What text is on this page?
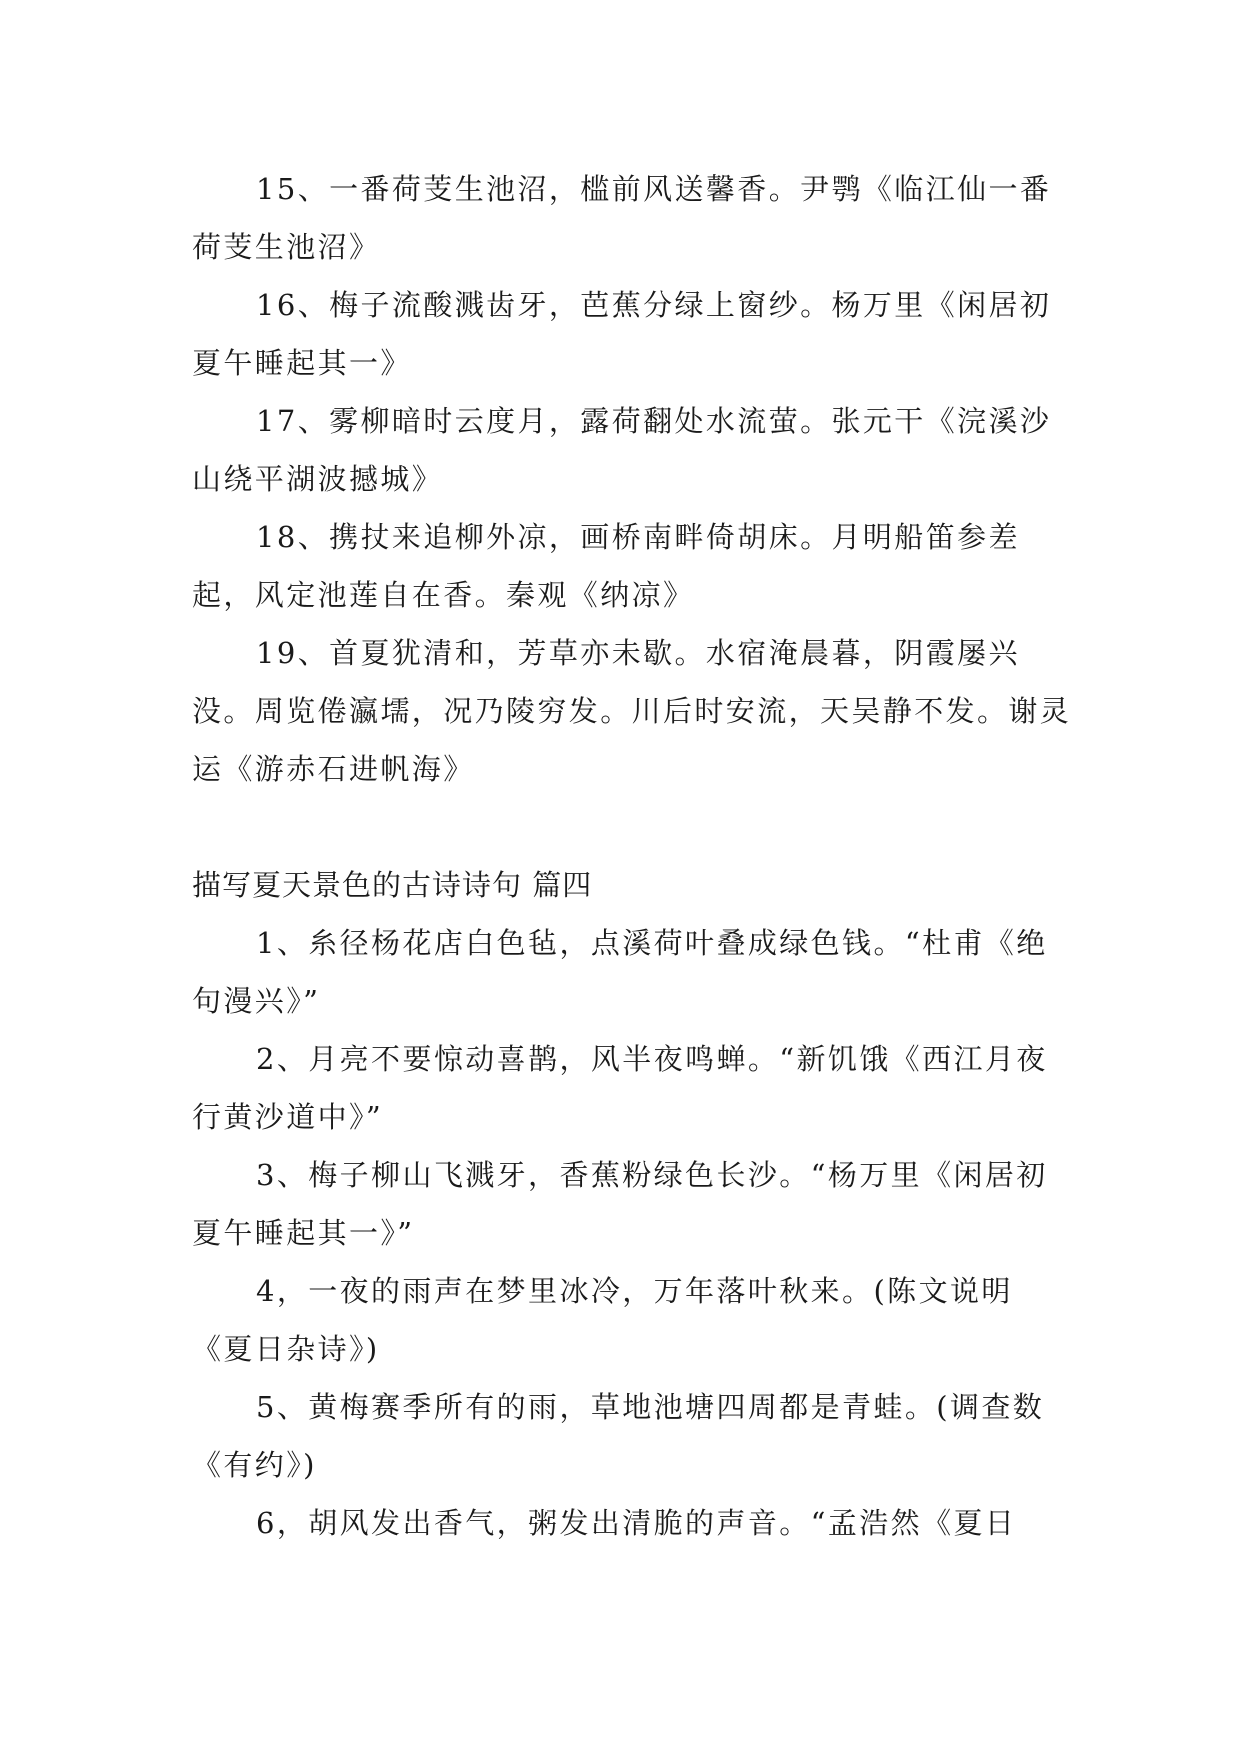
15、一番荷芰生池沼，槛前风送馨香。尹鹗《临江仙一番荷芰生池沼》

16、梅子流酸溅齿牙，芭蕉分绿上窗纱。杨万里《闲居初夏午睡起其一》

17、雾柳暗时云度月，露荷翻处水流萤。张元干《浣溪沙山绕平湖波撼城》

18、携扙来追柳外凉，画桥南畔倚胡床。月明船笛参差起，风定池莲自在香。秦观《纳凉》

19、首夏犹清和，芳草亦未歇。水宿淹晨暮，阴霞屡兴没。周览倦瀛壖，况乃陵穷发。川后时安流，天吴静不发。谢灵运《游赤石进帆海》

描写夏天景色的古诗诗句 篇四

1、糸径杨花店白色毡，点溪荷叶叠成绿色钱。“杜甫《绝句漫兴》”

2、月亮不要惊动喜鹊，风半夜鸣蝉。“新饥饿《西江月夜行黄沙道中》”

3、梅子柳山飞溅牙，香蕉粉绿色长沙。“杨万里《闲居初夏午睡起其一》”

4，一夜的雨声在梦里冰冷，万年落叶秋来。(陈文说明《夏日杂诗》)

5、黄梅赛季所有的雨，草地池塘四周都是青蛙。(调查数《有约》)

6，胡风发出香气，粥发出清脆的声音。“孟浩然《夏日
